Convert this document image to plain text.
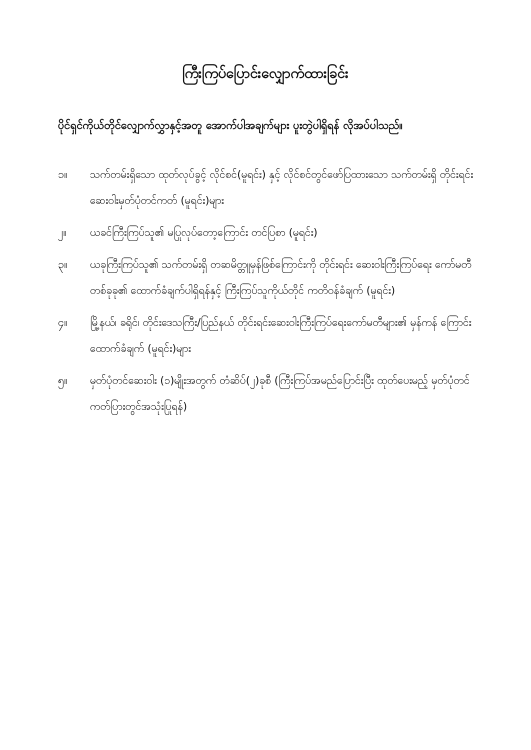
ကြီးကြပ်ပြောင်းလျှောက်ထားခြင်း
ပိုင်ရှင်ကိုယ်တိုင်လျှောက်လွှာနှင့်အတူ အောက်ပါအချက်များ ပူးတွဲပါရှိရန် လိုအပ်ပါသည်။
၁။	သက်တမ်းရှိသော ထုတ်လုပ်ခွင့် လိုင်စင်(မူရင်း) နှင့် လိုင်စင်တွင်ဖော်ပြထားသော သက်တမ်းရှိ တိုင်းရင်းဆေးဝါးမှတ်ပုံတင်ကတ် (မူရင်း)များ
၂။	ယခင်ကြီးကြပ်သူ၏ မပြုလုပ်တော့ကြောင်း တင်ပြစာ (မူရင်း)
၃။	ယခုကြီးကြပ်သူ၏ သက်တမ်းရှိ တဆမိတ္တူမှန်ဖြစ်ကြောင်းကို တိုင်းရင်း ဆေးဝါးကြီးကြပ်ရေး ကော်မတီတစ်ခုခု၏ ထောက်ခံချက်ပါရှိရန်နှင့် ကြီးကြပ်သူကိုယ်တိုင် ကတိဝန်ခံချက် (မူရင်း)
၄။	မြို့နယ်၊ ခရိုင်၊ တိုင်းဒေသကြီး/ပြည်နယ် တိုင်းရင်းဆေးဝါးကြီးကြပ်ရေးကော်မတီများ၏ မှန်ကန် ကြောင်းထောက်ခံချက် (မူရင်း)များ
၅။	မှတ်ပုံတင်ဆေးဝါး (၁)မျိုးအတွက် တံဆိပ်(၂)ခုစီ (ကြီးကြပ်အမည်ပြောင်းပြီး ထုတ်ပေးမည့် မှတ်ပုံတင်ကတ်ပြားတွင်အသုံးပြုရန်)
